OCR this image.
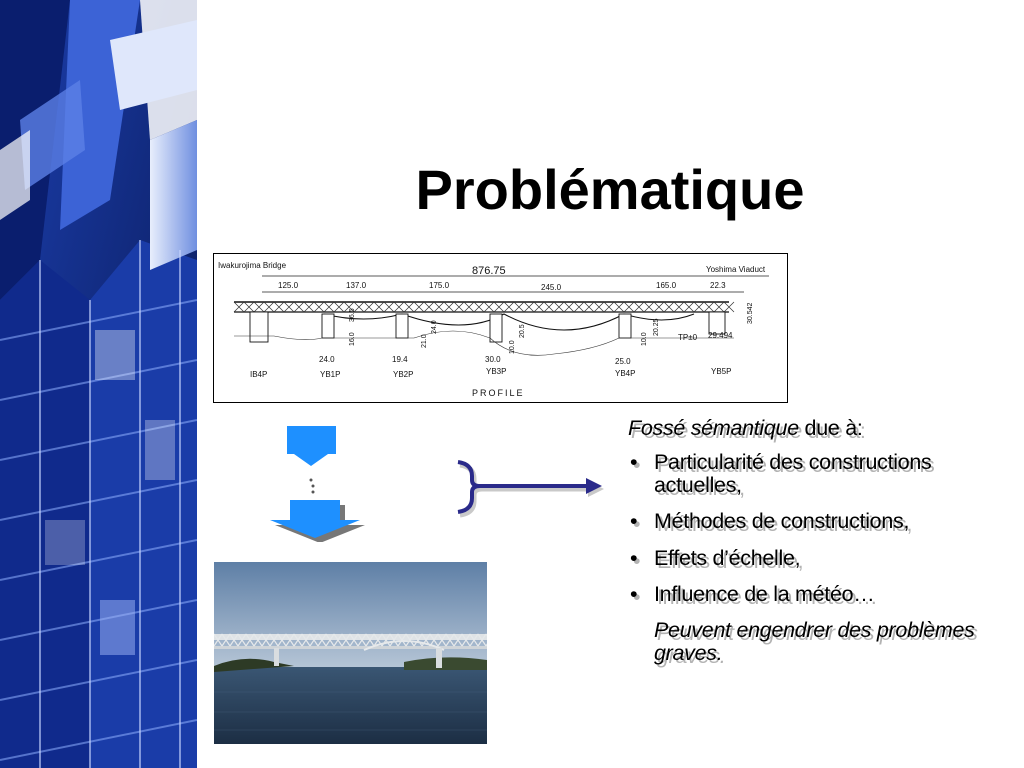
Problématique
Iwakurojima Bridge	Yoshima Viaduct
876.75
125.0	137.0	175.0	245.0	165.0	22.3
16.0
36.5
21.0
24.0
10.0
20.5
10.0
20.25
30.542
TP±0 29.494
24.0	19.4	30.0	25.0
IB4P	YB1P	YB2P	YB3P	YB4P	YB5P
PROFILE

Fossé sémantique due à:

• Particularité des constructions actuelles,
• Méthodes de constructions,
• Effets d’échelle,
• Influence de la météo…

Peuvent engendrer des problèmes graves.
